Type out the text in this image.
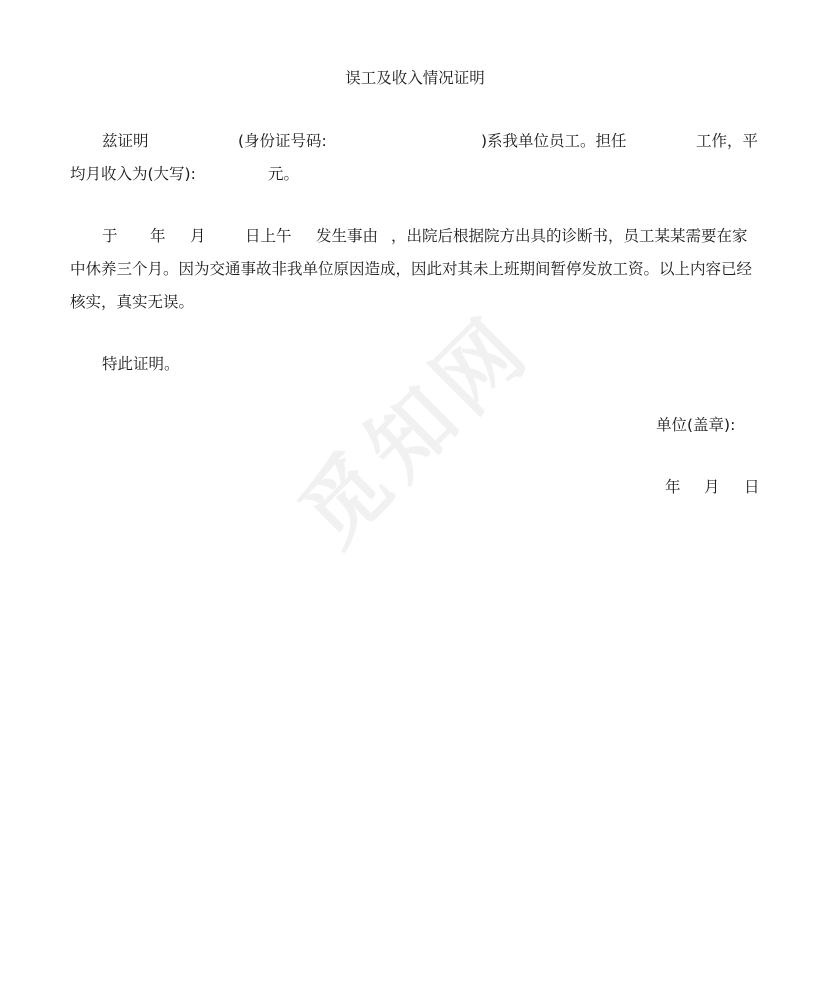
觅知网
误工及收入情况证明
兹证明	(身份证号码:	)系我单位员工。担任	工作，平
均月收入为(大写):	元。
于 年 月	日上午 发生事由 ，出院后根据院方出具的诊断书，员工某某需要在家
中休养三个月。因为交通事故非我单位原因造成，因此对其未上班期间暂停发放工资。以上内容已经
核实，真实无误。
特此证明。
单位(盖章):
年 月 日
